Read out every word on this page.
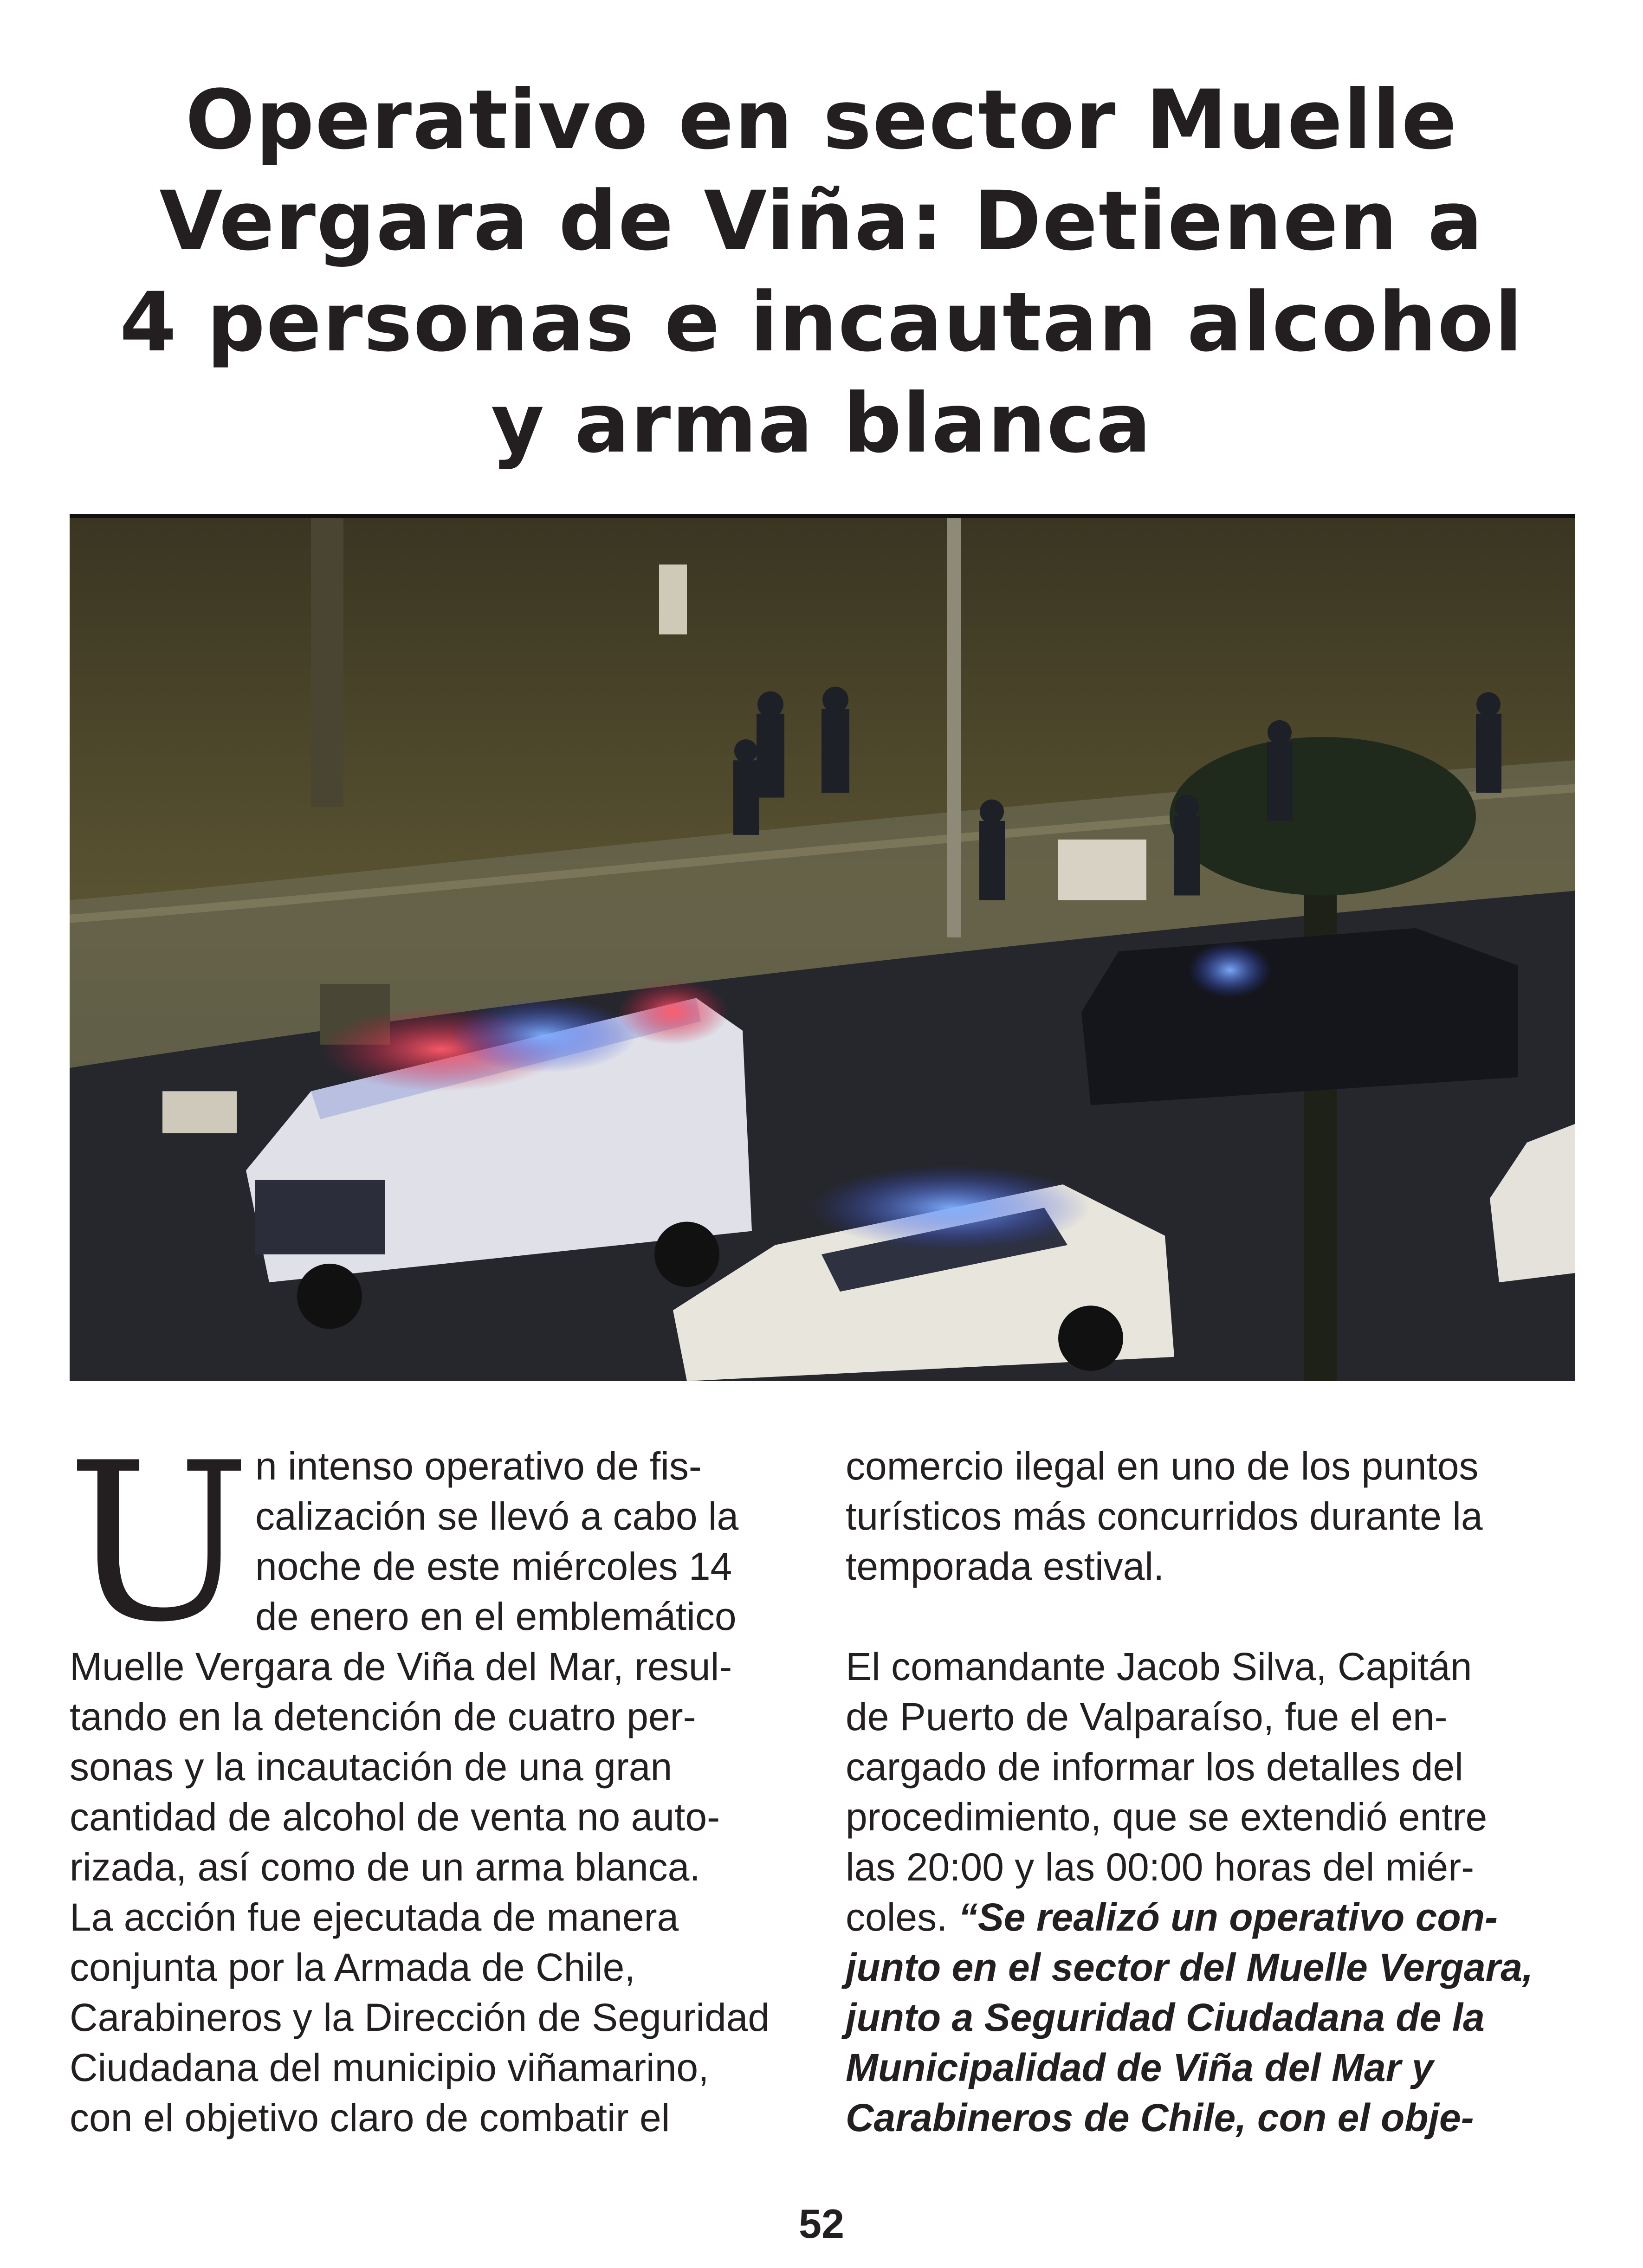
Operativo en sector Muelle
Vergara de Viña: Detienen a
4 personas e incautan alcohol
y arma blanca
U n intenso operativo de fis-
calización se llevó a cabo la
noche de este miércoles 14
de enero en el emblemático
Muelle Vergara de Viña del Mar, resul-
tando en la detención de cuatro per-
sonas y la incautación de una gran
cantidad de alcohol de venta no auto-
rizada, así como de un arma blanca.
La acción fue ejecutada de manera
conjunta por la Armada de Chile,
Carabineros y la Dirección de Seguridad
Ciudadana del municipio viñamarino,
con el objetivo claro de combatir el
comercio ilegal en uno de los puntos
turísticos más concurridos durante la
temporada estival.
El comandante Jacob Silva, Capitán
de Puerto de Valparaíso, fue el en-
cargado de informar los detalles del
procedimiento, que se extendió entre
las 20:00 y las 00:00 horas del miér-
coles. “Se realizó un operativo con-
junto en el sector del Muelle Vergara,
junto a Seguridad Ciudadana de la
Municipalidad de Viña del Mar y
Carabineros de Chile, con el obje-
52
